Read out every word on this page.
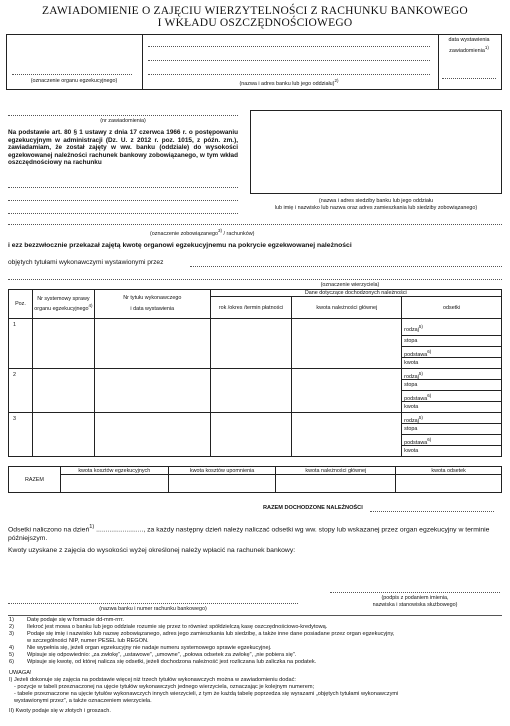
ZAWIADOMIENIE O ZAJĘCIU WIERZYTELNOŚCI Z RACHUNKU BANKOWEGO
I WKŁADU OSZCZĘDNOŚCIOWEGO
(oznaczenie organu egzekucyjnego)	(nazwa i adres banku lub jego oddziału)$^{2)}$
data wystawienia zawiadomienia$^{1)}$
(nr zawiadomienia)
Na podstawie art. 80 § 1 ustawy z dnia 17 czerwca 1966 r. o postępowaniu egzekucyjnym w administracji (Dz. U. z 2012 r. poz. 1015, z późn. zm.), zawiadamiam, że został zajęty w ww. banku (oddziale) do wysokości egzekwowanej należności rachunek bankowy zobowiązanego, w tym wkład oszczędnościowy na rachunku
(nazwa i adres siedziby banku lub jego oddziału
lub imię i nazwisko lub nazwa oraz adres zamieszkania lub siedziby zobowiązanego)
(oznaczenie zobowiązanego$^{3)}$ / rachunków)
i ezz bezzwłocznie przekazał zajętą kwotę organowi egzekucyjnemu na pokrycie egzekwowanej należności
objętych tytułami wykonawczymi wystawionymi przez
(oznaczenie wierzyciela)
Poz.	Nr systemowy sprawy organu egzekucyjnego$^{4)}$	Nr tytułu wykonawczego
i data wystawienia	Dane dotyczące dochodzonych należności		
			rok /okres /termin płatności	kwota należności głównej	odsetki
1					rodzaj$^{5)}$
stopa
podstawa$^{6)}$
kwota

2					rodzaj$^{5)}$
stopa
podstawa$^{6)}$
kwota

3					rodzaj$^{5)}$
stopa
podstawa$^{6)}$
kwota
RAZEM	kwota kosztów egzekucyjnych	kwota kosztów upomnienia	kwota należności głównej	kwota odsetek

RAZEM DOCHODZONE NALEŻNOŚCI
Odsetki naliczono na dzień$^{1)}$ ........................., za każdy następny dzień należy naliczać odsetki wg ww. stopy lub wskazanej przez organ egzekucyjny w terminie późniejszym.
Kwoty uzyskane z zajęcia do wysokości wyżej określonej należy wpłacić na rachunek bankowy:
(nazwa banku i numer rachunku bankowego)
(podpis z podaniem imienia,
nazwiska i stanowiska służbowego)
1) Datę podaje się w formacie dd-mm-rrrr.
2) Ilekroć jest mowa o banku lub jego oddziale rozumie się przez to również spółdzielczą kasę oszczędnościowo-kredytową.
3) Podaje się imię i nazwisko lub nazwę zobowiązanego, adres jego zamieszkania lub siedzibę, a także inne dane posiadane przez organ egzekucyjny,
w szczególności NIP, numer PESEL lub REGON.
4) Nie wypełnia się, jeżeli organ egzekucyjny nie nadaje numeru systemowego sprawie egzekucyjnej.
5) Wpisuje się odpowiednio: „za zwłokę”, „ustawowe”, „umowne”, „połowa odsetek za zwłokę”, „nie pobiera się”.
6) Wpisuje się kwotę, od której nalicza się odsetki, jeżeli dochodzona należność jest rozliczana lub zaliczka na podatek.
UWAGA!
I) Jeżeli dokonuje się zajęcia na podstawie więcej niż trzech tytułów wykonawczych można w zawiadomieniu dodać:
- pozycje w tabeli przeznaczonej na ujęcie tytułów wykonawczych jednego wierzyciela, oznaczając je kolejnym numerem;
- tabele przeznaczone na ujęcie tytułów wykonawczych innych wierzycieli, z tym że każdą tabelę poprzedza się wyrazami „objętych tytułami wykonawczymi
wystawionymi przez”, a także oznaczeniem wierzyciela.
II) Kwoty podaje się w złotych i groszach.
